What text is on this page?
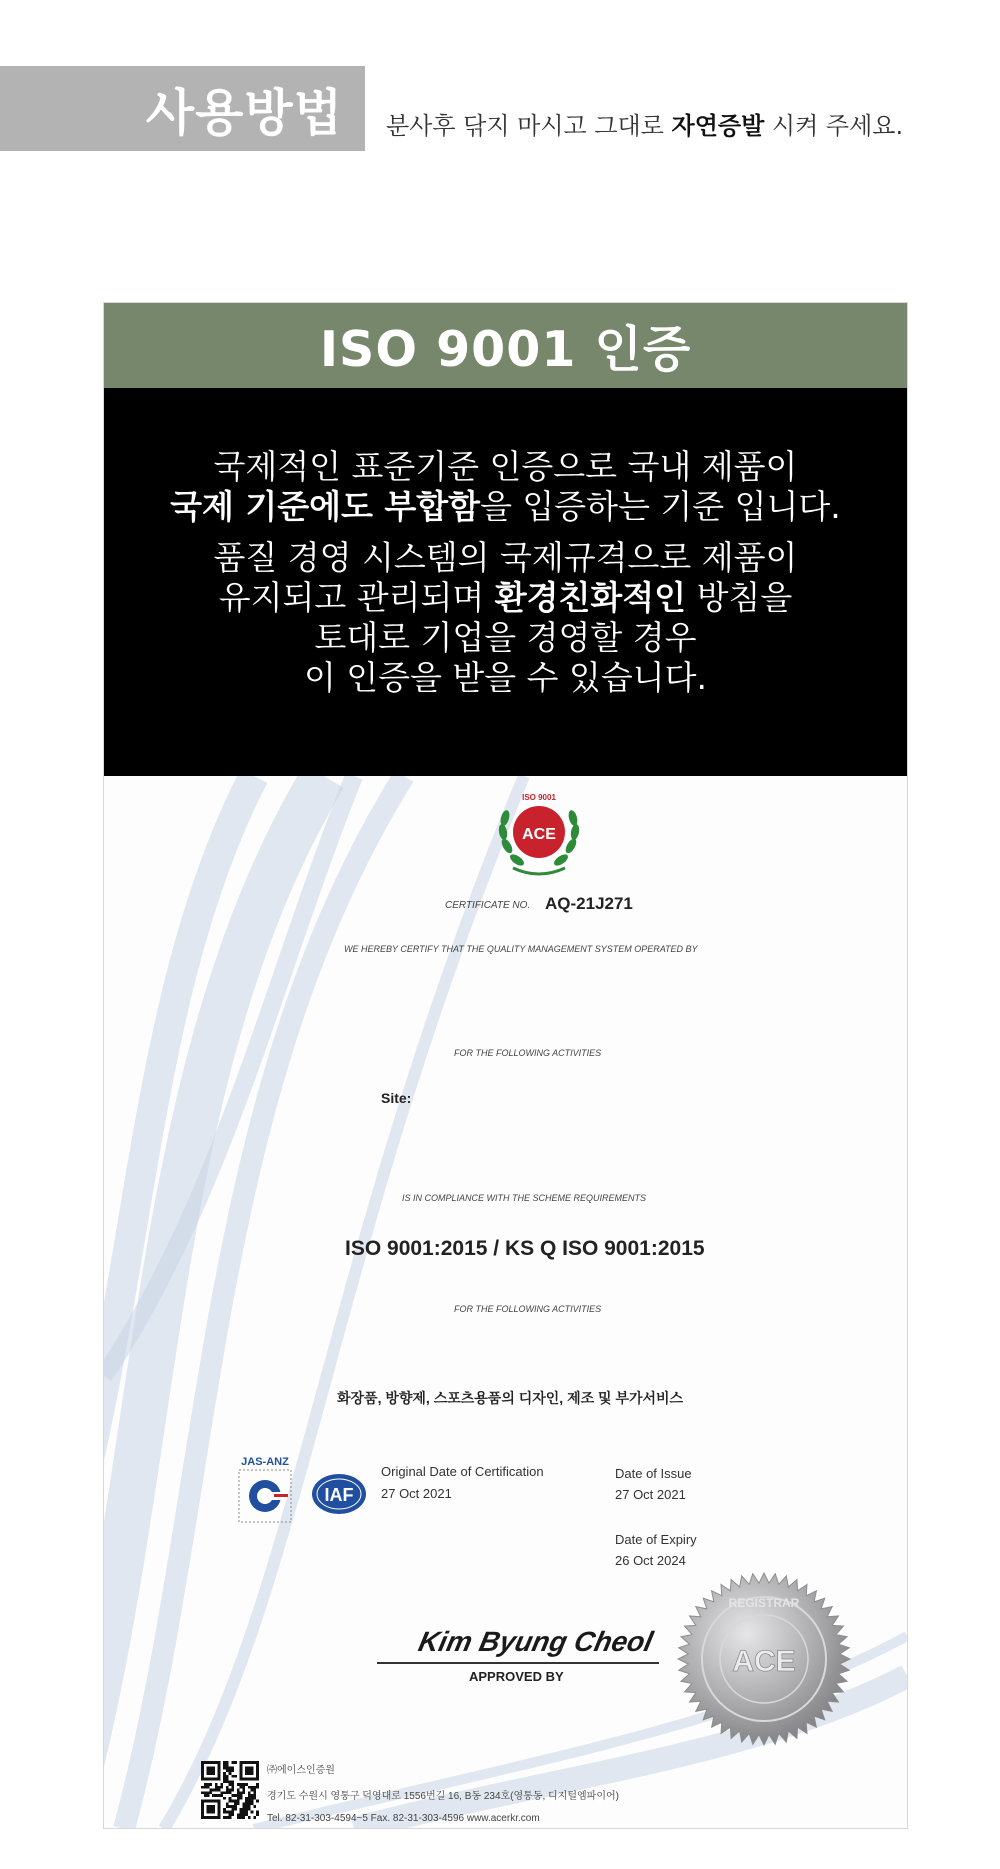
사용방법 분사후 닦지 마시고 그대로 자연증발 시켜 주세요.
ISO 9001 인증

국제적인 표준기준 인증으로 국내 제품이

국제 기준에도 부합함을 입증하는 기준 입니다.

품질 경영 시스템의 국제규격으로 제품이

유지되고 관리되며 환경친화적인 방침을

토대로 기업을 경영할 경우

이 인증을 받을 수 있습니다.

ACE
ISO 9001
CERTIFICATE NO. AQ-21J271
WE HEREBY CERTIFY THAT THE QUALITY MANAGEMENT SYSTEM OPERATED BY
FOR THE FOLLOWING ACTIVITIES
Site:
IS IN COMPLIANCE WITH THE SCHEME REQUIREMENTS
ISO 9001:2015 / KS Q ISO 9001:2015
FOR THE FOLLOWING ACTIVITIES
화장품, 방향제, 스포츠용품의 디자인, 제조 및 부가서비스
JAS-ANZ
IAF
Original Date of Certification
27 Oct 2021
Date of Issue
27 Oct 2021
Date of Expiry
26 Oct 2024
Kim Byung Cheol
APPROVED BY
REGISTRAR
ACE
㈜에이스인증원
경기도 수원시 영통구 덕영대로 1556번길 16, B동 234호(영통동, 디지털엠파이어)
Tel. 82-31-303-4594~5 Fax. 82-31-303-4596 www.acerkr.com
